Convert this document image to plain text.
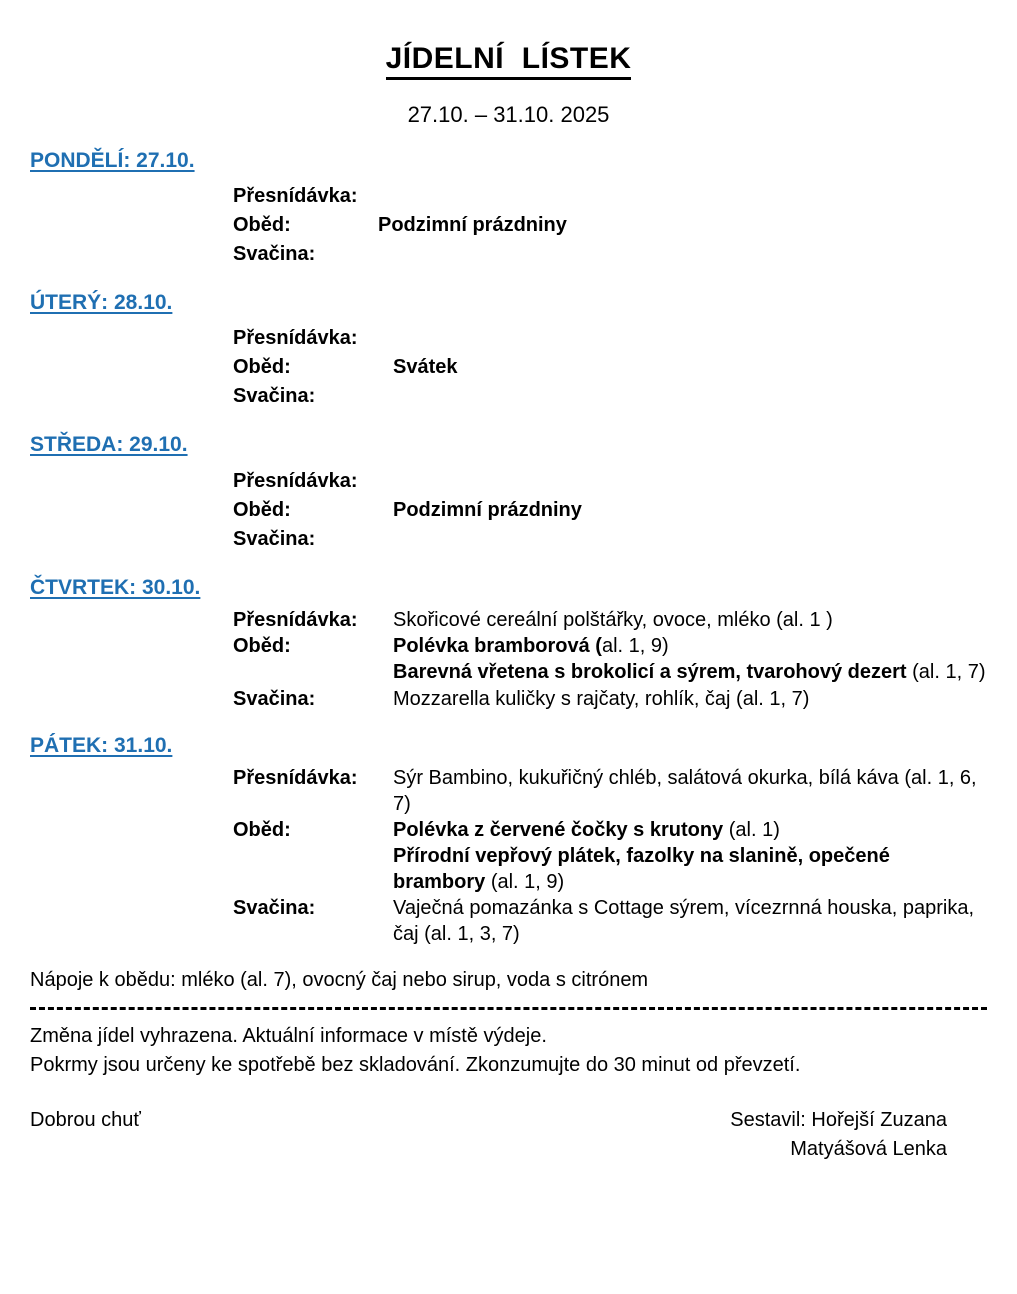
JÍDELNÍ  LÍSTEK
27.10. – 31.10. 2025
PONDĚLÍ: 27.10.
Přesnídávka:
Oběd:	Podzimní prázdniny
Svačina:
ÚTERÝ: 28.10.
Přesnídávka:
Oběd:	Svátek
Svačina:
STŘEDA: 29.10.
Přesnídávka:
Oběd:	Podzimní prázdniny
Svačina:
ČTVRTEK: 30.10.
Přesnídávka:	Skořicové cereální polštářky, ovoce, mléko (al. 1 )
Oběd:	Polévka bramborová (al. 1, 9)
Barevná vřetena s brokolicí a sýrem, tvarohový dezert (al. 1, 7)
Svačina:	Mozzarella kuličky s rajčaty, rohlík, čaj (al. 1, 7)
PÁTEK: 31.10.
Přesnídávka:	Sýr Bambino, kukuřičný chléb, salátová okurka, bílá káva (al. 1, 6, 7)
Oběd:	Polévka z červené čočky s krutony (al. 1)
Přírodní vepřový plátek, fazolky na slanině, opečené brambory (al. 1, 9)
Svačina:	Vaječná pomazánka s Cottage sýrem, vícezrnná houska, paprika, čaj (al. 1, 3, 7)
Nápoje k obědu: mléko (al. 7), ovocný čaj nebo sirup, voda s citrónem
Změna jídel vyhrazena. Aktuální informace v místě výdeje.
Pokrmy jsou určeny ke spotřebě bez skladování. Zkonzumujte do 30 minut od převzetí.
Dobrou chuť	Sestavil: Hořejší Zuzana
Matyášová Lenka
